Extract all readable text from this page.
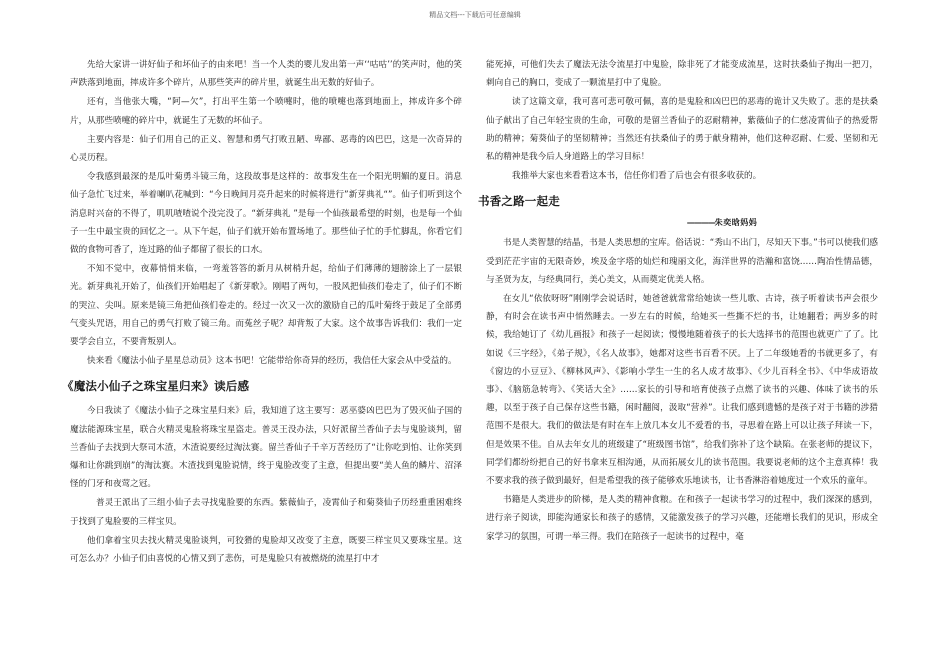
精品文档---下载后可任意编辑

先给大家讲一讲好仙子和坏仙子的由来吧！当一个人类的婴儿发出第一声‘‘咕咕’’的笑声时，他的笑声跌落到地面，摔成许多个碎片，从那些笑声的碎片里，就诞生出无数的好仙子。

还有，当他张大嘴，“阿—欠”，打出平生第一个喷嚏时，他的喷嚏也落到地面上，摔成许多个碎片，从那些喷嚏的碎片中，就诞生了无数的坏仙子。

主要内容是：仙子们用自己的正义、智慧和勇气打败丑陋、卑鄙、恶毒的凶巴巴，这是一次奇异的心灵历程。

令我感到最深的是瓜叶菊勇斗镜三角，这段故事是这样的：故事发生在一个阳光明媚的夏日。消息仙子急忙飞过来，举着喇叭花喊到：“今日晚间月亮升起来的时候将进行”新芽典礼“”。仙子们听到这个消息时兴奋的不得了，叽叽喳喳说个没完没了。“新芽典礼 ”是每一个仙孩最希望的时刻，也是每一个仙子一生中最宝贵的回忆之一。从下午起，仙子们就开始布置场地了。那些仙子忙的手忙脚乱，你看它们做的食物可香了，连过路的仙子都留了很长的口水。

不知不觉中，夜幕悄悄来临，一弯羞答答的新月从树梢升起，给仙子们薄薄的翅膀涂上了一层银光。新芽典礼开始了，仙孩们开始唱起了《新芽歌》。刚唱了两句，一股风把仙孩们卷走了，仙子们不断的哭泣、尖叫。原来是镜三角把仙孩们卷走的。经过一次又一次的激励自己的瓜叶菊终于鼓足了全部勇气变头咒语，用自己的勇气打败了镜三角。而菟丝子呢？却背叛了大家。这个故事告诉我们：我们一定要学会自立，不要背叛别人。

快来看《魔法小仙子星星总动员》这本书吧！它能带给你奇异的经历，我信任大家会从中受益的。

《魔法小仙子之珠宝星归来》读后感

今日我读了《魔法小仙子之珠宝星归来》后，我知道了这主要写：恶巫婆凶巴巴为了毁灭仙子国的魔法能源珠宝星，联合火精灵鬼脸将珠宝星盗走。普灵王没办法，只好派留兰香仙子去与鬼脸谈判，留兰香仙子去找到大祭司木渣，木渣说要经过淘汰赛。留兰香仙子千辛万苦经历了“让你吃到怕、让你笑到爆和让你跳到崩”的淘汰赛。木渣找到鬼脸说情，终于鬼脸改变了主意，但提出要“美人鱼的鳞片、沼泽怪的门牙和夜莺之冠。

普灵王派出了三组小仙子去寻找鬼脸要的东西。紫薇仙子，凌霄仙子和菊葵仙子历经重重困难终于找到了鬼脸要的三样宝贝。

他们拿着宝贝去找火精灵鬼脸谈判，可狡猾的鬼脸却又改变了主意，既要三样宝贝又要珠宝星。这可怎么办？小仙子们由喜悦的心情又到了悲伤，可是鬼脸只有被燃烧的流星打中才

能死掉，可他们失去了魔法无法令流星打中鬼脸，除非死了才能变成流星，这时扶桑仙子掏出一把刀，刺向自己的胸口，变成了一颗流星打中了鬼脸。

读了这篇文章，我可喜可悲可敬可佩，喜的是鬼脸和凶巴巴的恶毒的诡计又失败了。悲的是扶桑仙子献出了自己年轻宝贵的生命，可敬的是留兰香仙子的忍耐精神，紫薇仙子的仁慈凌霄仙子的热爱帮助的精神；菊葵仙子的坚韧精神；当然还有扶桑仙子的勇于献身精神，他们这种忍耐、仁爱、坚韧和无私的精神是我今后人身道路上的学习目标！

我推举大家也来看看这本书，信任你们看了后也会有很多收获的。

书香之路一起走
————朱奕晗妈妈

书是人类智慧的结晶，书是人类思想的宝库。俗话说：“秀山不出门，尽知天下事。”书可以使我们感受到茫茫宇宙的无限奇妙，埃及金字塔的灿烂和瑰丽文化，海洋世界的浩瀚和富饶……陶冶性情品德，与圣贤为友，与经典同行，美心美文，从而奠定优美人格。

在女儿“依依呀呀”刚刚学会说话时，她爸爸就常常给她读一些儿歌、古诗，孩子听着读书声会很少静，有时会在读书声中悄然睡去。一岁左右的时候，给她买一些撕不烂的书，让她翻看；两岁多的时候，我给她订了《幼儿画报》和孩子一起阅读；慢慢地随着孩子的长大选择书的范围也就更广了了。比如说《三字经》，《弟子规》，《名人故事》，她都对这些书百看不厌。上了二年级她看的书就更多了，有《窗边的小豆豆》、《柳林风声》、《影响小学生一生的名人成才故事》、《少儿百科全书》、《中华成语故事》、《脑筋急转弯》、《笑话大全》……家长的引导和培育使孩子点燃了读书的兴趣、体味了读书的乐趣，以至于孩子自己保存这些书籍，闲时翻阅，汲取“营养”。让我们感到遗憾的是孩子对于书籍的涉猎范围不是很大。我们的做法是有时在车上放几本女儿不爱看的书，寻思着在路上可以让孩子拜读一下，但是效果不佳。自从去年女儿的班级建了“班级图书馆”，给我们弥补了这个缺陷。在张老师的提议下，同学们都纷纷把自己的好书拿来互相沟通，从而拓展女儿的读书范围。我要说老师的这个主意真棒！我不要求我的孩子做到最好，但是希望我的孩子能够欢乐地读书，让书香淋浴着她度过一个欢乐的童年。

书籍是人类进步的阶梯，是人类的精神食粮。在和孩子一起读书学习的过程中，我们深深的感到，进行亲子阅读，即能沟通家长和孩子的感情，又能激发孩子的学习兴趣，还能增长我们的见识，形成全家学习的氛围，可谓一举三得。我们在陪孩子一起读书的过程中，毫
